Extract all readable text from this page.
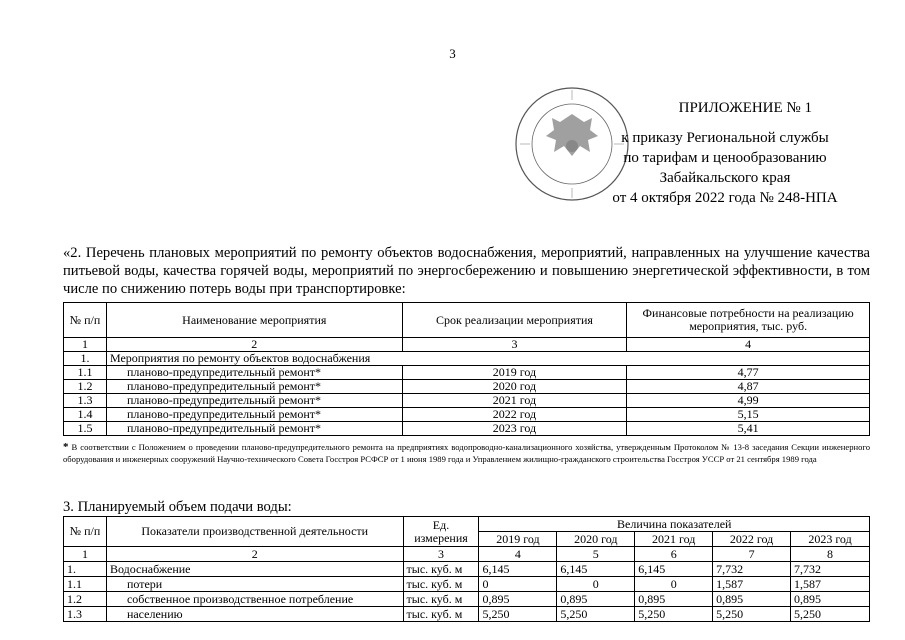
3
ПРИЛОЖЕНИЕ № 1
к приказу Региональной службы
по тарифам и ценообразованию
Забайкальского края
от 4 октября 2022 года № 248-НПА
«2. Перечень плановых мероприятий по ремонту объектов водоснабжения, мероприятий, направленных на улучшение качества питьевой воды, качества горячей воды, мероприятий по энергосбережению и повышению энергетической эффективности, в том числе по снижению потерь воды при транспортировке:
№ п/п	Наименование мероприятия	Срок реализации мероприятия	Финансовые потребности на реализацию мероприятия, тыс. руб.
1	2	3	4
1.	Мероприятия по ремонту объектов водоснабжения		
1.1	планово-предупредительный ремонт*	2019 год	4,77
1.2	планово-предупредительный ремонт*	2020 год	4,87
1.3	планово-предупредительный ремонт*	2021 год	4,99
1.4	планово-предупредительный ремонт*	2022 год	5,15
1.5	планово-предупредительный ремонт*	2023 год	5,41
* В соответствии с Положением о проведении планово-предупредительного ремонта на предприятиях водопроводно-канализационного хозяйства, утвержденным Протоколом № 13-8 заседания Секции инженерного оборудования и инженерных сооружений Научно-технического Совета Госстроя РСФСР от 1 июня 1989 года и Управлением жилищно-гражданского строительства Госстроя УССР от 21 сентября 1989 года
3. Планируемый объем подачи воды:
№ п/п	Показатели производственной деятельности	Ед. измерения	Величина показателей				
			2019 год	2020 год	2021 год	2022 год	2023 год
1	2	3	4	5	6	7	8
1.	Водоснабжение	тыс. куб. м	6,145	6,145	6,145	7,732	7,732
1.1	потери	тыс. куб. м	0	0	0	1,587	1,587
1.2	собственное производственное потребление	тыс. куб. м	0,895	0,895	0,895	0,895	0,895
1.3	населению	тыс. куб. м	5,250	5,250	5,250	5,250	5,250
